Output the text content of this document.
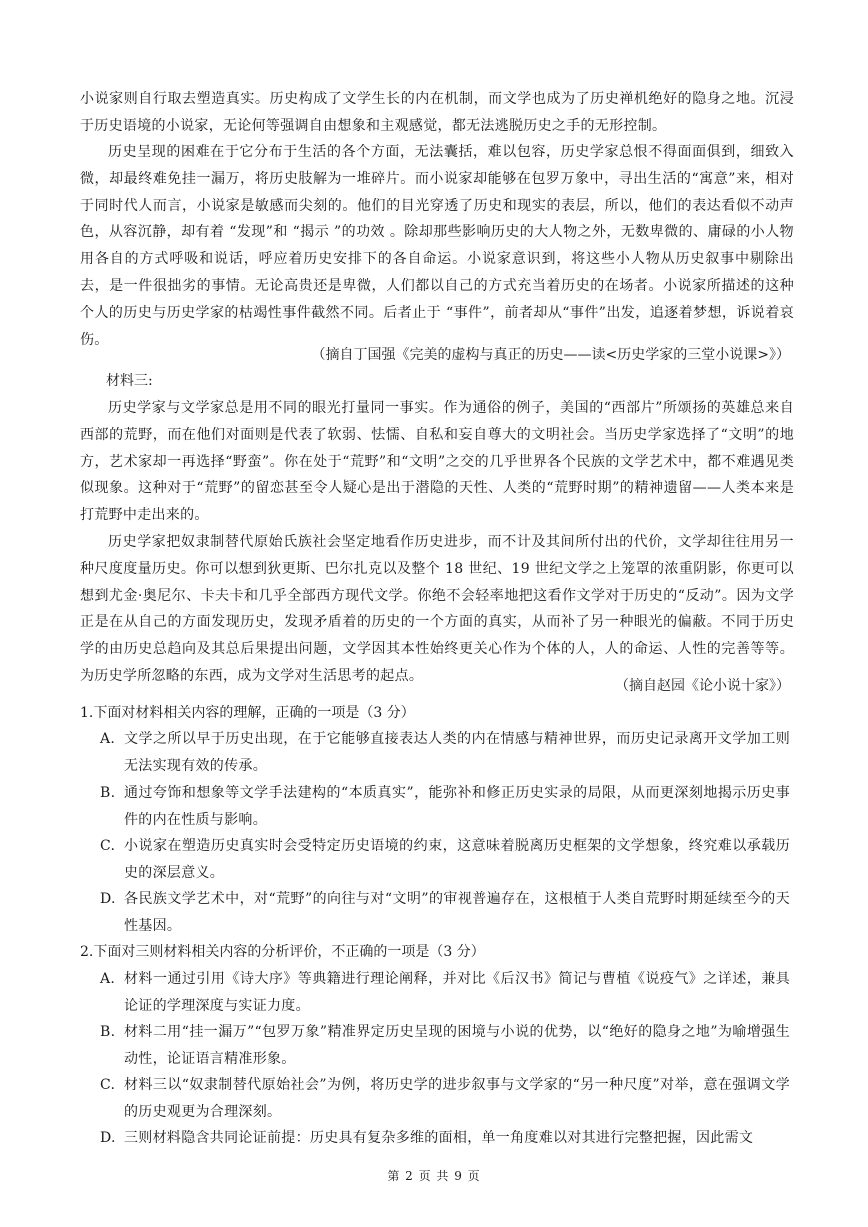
小说家则自行取去塑造真实。历史构成了文学生长的内在机制，而文学也成为了历史禅机绝好的隐身之地。沉浸于历史语境的小说家，无论何等强调自由想象和主观感觉，都无法逃脱历史之手的无形控制。
历史呈现的困难在于它分布于生活的各个方面，无法囊括，难以包容，历史学家总恨不得面面俱到，细致入微，却最终难免挂一漏万，将历史肢解为一堆碎片。而小说家却能够在包罗万象中，寻出生活的“寓意”来，相对于同时代人而言，小说家是敏感而尖刻的。他们的目光穿透了历史和现实的表层，所以，他们的表达看似不动声色，从容沉静，却有着 “发现”和 “揭示 ”的功效 。除却那些影响历史的大人物之外，无数卑微的、庸碌的小人物用各自的方式呼吸和说话，呼应着历史安排下的各自命运。小说家意识到，将这些小人物从历史叙事中剔除出去，是一件很拙劣的事情。无论高贵还是卑微，人们都以自己的方式充当着历史的在场者。小说家所描述的这种个人的历史与历史学家的枯竭性事件截然不同。后者止于 “事件”，前者却从“事件”出发，追逐着梦想，诉说着哀伤。
（摘自丁国强《完美的虚构与真正的历史——读<历史学家的三堂小说课>》）
材料三:
历史学家与文学家总是用不同的眼光打量同一事实。作为通俗的例子，美国的“西部片”所颂扬的英雄总来自西部的荒野，而在他们对面则是代表了软弱、怯懦、自私和妄自尊大的文明社会。当历史学家选择了“文明”的地方，艺术家却一再选择“野蛮”。你在处于“荒野”和“文明”之交的几乎世界各个民族的文学艺术中，都不难遇见类似现象。这种对于“荒野”的留恋甚至令人疑心是出于潜隐的天性、人类的“荒野时期”的精神遗留——人类本来是打荒野中走出来的。
历史学家把奴隶制替代原始氏族社会坚定地看作历史进步，而不计及其间所付出的代价，文学却往往用另一种尺度度量历史。你可以想到狄更斯、巴尔扎克以及整个 18 世纪、19 世纪文学之上笼罩的浓重阴影，你更可以想到尤金·奥尼尔、卡夫卡和几乎全部西方现代文学。你绝不会轻率地把这看作文学对于历史的“反动”。因为文学正是在从自己的方面发现历史，发现矛盾着的历史的一个方面的真实，从而补了另一种眼光的偏蔽。不同于历史学的由历史总趋向及其总后果提出问题，文学因其本性始终更关心作为个体的人，人的命运、人性的完善等等。为历史学所忽略的东西，成为文学对生活思考的起点。
（摘自赵园《论小说十家》）
1.下面对材料相关内容的理解，正确的一项是（3 分）
A. 文学之所以早于历史出现，在于它能够直接表达人类的内在情感与精神世界，而历史记录离开文学加工则无法实现有效的传承。
B. 通过夸饰和想象等文学手法建构的“本质真实”，能弥补和修正历史实录的局限，从而更深刻地揭示历史事件的内在性质与影响。
C. 小说家在塑造历史真实时会受特定历史语境的约束，这意味着脱离历史框架的文学想象，终究难以承载历史的深层意义。
D. 各民族文学艺术中，对“荒野”的向往与对“文明”的审视普遍存在，这根植于人类自荒野时期延续至今的天性基因。
2.下面对三则材料相关内容的分析评价，不正确的一项是（3 分）
A. 材料一通过引用《诗大序》等典籍进行理论阐释，并对比《后汉书》简记与曹植《说疫气》之详述，兼具论证的学理深度与实证力度。
B. 材料二用“挂一漏万”“包罗万象”精准界定历史呈现的困境与小说的优势，以“绝好的隐身之地”为喻增强生动性，论证语言精准形象。
C. 材料三以“奴隶制替代原始社会”为例，将历史学的进步叙事与文学家的“另一种尺度”对举，意在强调文学的历史观更为合理深刻。
D. 三则材料隐含共同论证前提：历史具有复杂多维的面相，单一角度难以对其进行完整把握，因此需文
第 2 页 共 9 页
